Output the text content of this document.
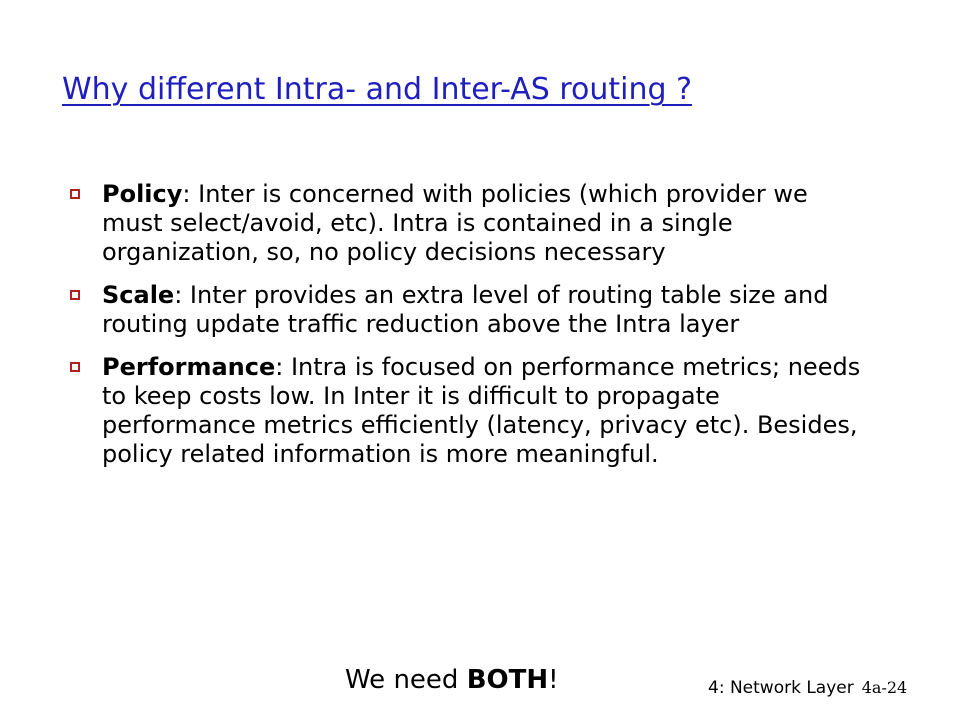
Why different Intra- and Inter-AS routing ?
Policy: Inter is concerned with policies (which provider we must select/avoid, etc). Intra is contained in a single organization, so, no policy decisions necessary
Scale: Inter provides an extra level of routing table size and routing update traffic reduction above the Intra layer
Performance: Intra is focused on performance metrics; needs to keep costs low. In Inter it is difficult to propagate performance metrics efficiently (latency, privacy etc). Besides, policy related information is more meaningful.
We need BOTH!	4: Network Layer 4a-24
